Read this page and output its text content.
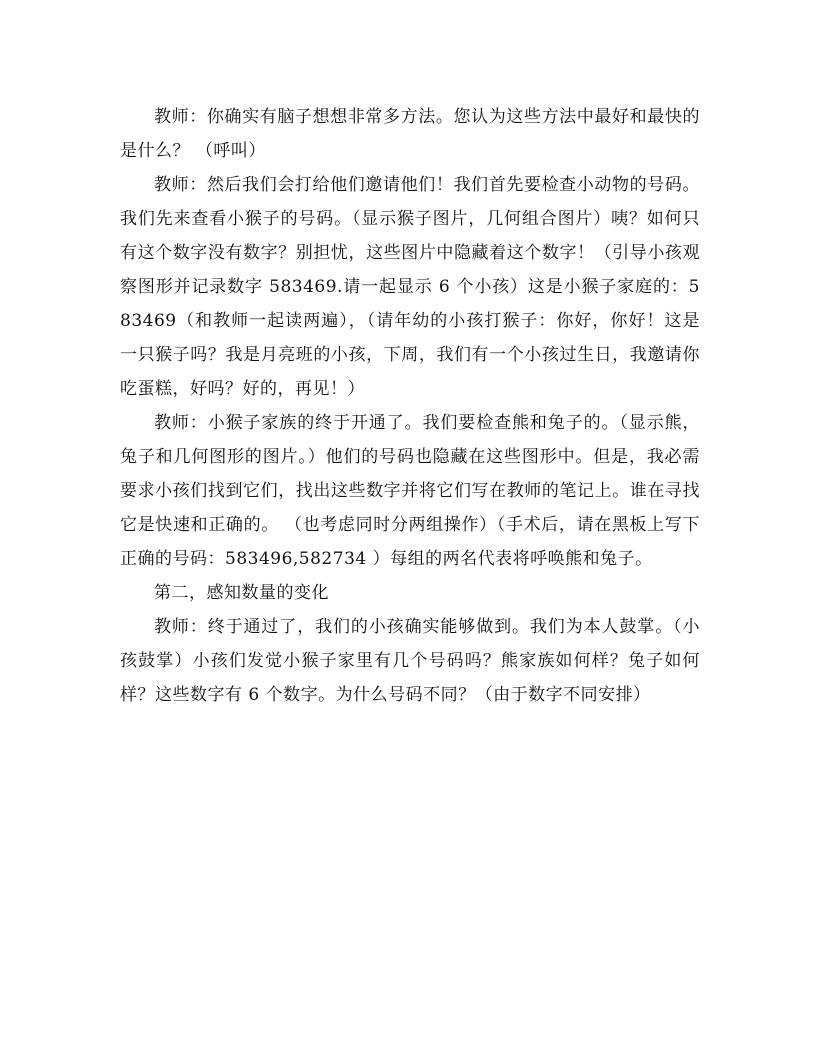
教师：你确实有脑子想想非常多方法。您认为这些方法中最好和最快的是什么？ （呼叫）

教师：然后我们会打给他们邀请他们！我们首先要检查小动物的号码。我们先来查看小猴子的号码。（显示猴子图片，几何组合图片）咦？如何只有这个数字没有数字？别担忧，这些图片中隐藏着这个数字！（引导小孩观察图形并记录数字 583469.请一起显示 6 个小孩）这是小猴子家庭的：583469（和教师一起读两遍），（请年幼的小孩打猴子：你好，你好！这是一只猴子吗？我是月亮班的小孩，下周，我们有一个小孩过生日，我邀请你吃蛋糕，好吗？好的，再见！）

教师：小猴子家族的终于开通了。我们要检查熊和兔子的。（显示熊，兔子和几何图形的图片。）他们的号码也隐藏在这些图形中。但是，我必需要求小孩们找到它们，找出这些数字并将它们写在教师的笔记上。谁在寻找它是快速和正确的。 （也考虑同时分两组操作）（手术后，请在黑板上写下正确的号码：583496,582734 ）每组的两名代表将呼唤熊和兔子。

第二，感知数量的变化

教师：终于通过了，我们的小孩确实能够做到。我们为本人鼓掌。（小孩鼓掌）小孩们发觉小猴子家里有几个号码吗？熊家族如何样？兔子如何样？这些数字有 6 个数字。为什么号码不同？（由于数字不同安排）
